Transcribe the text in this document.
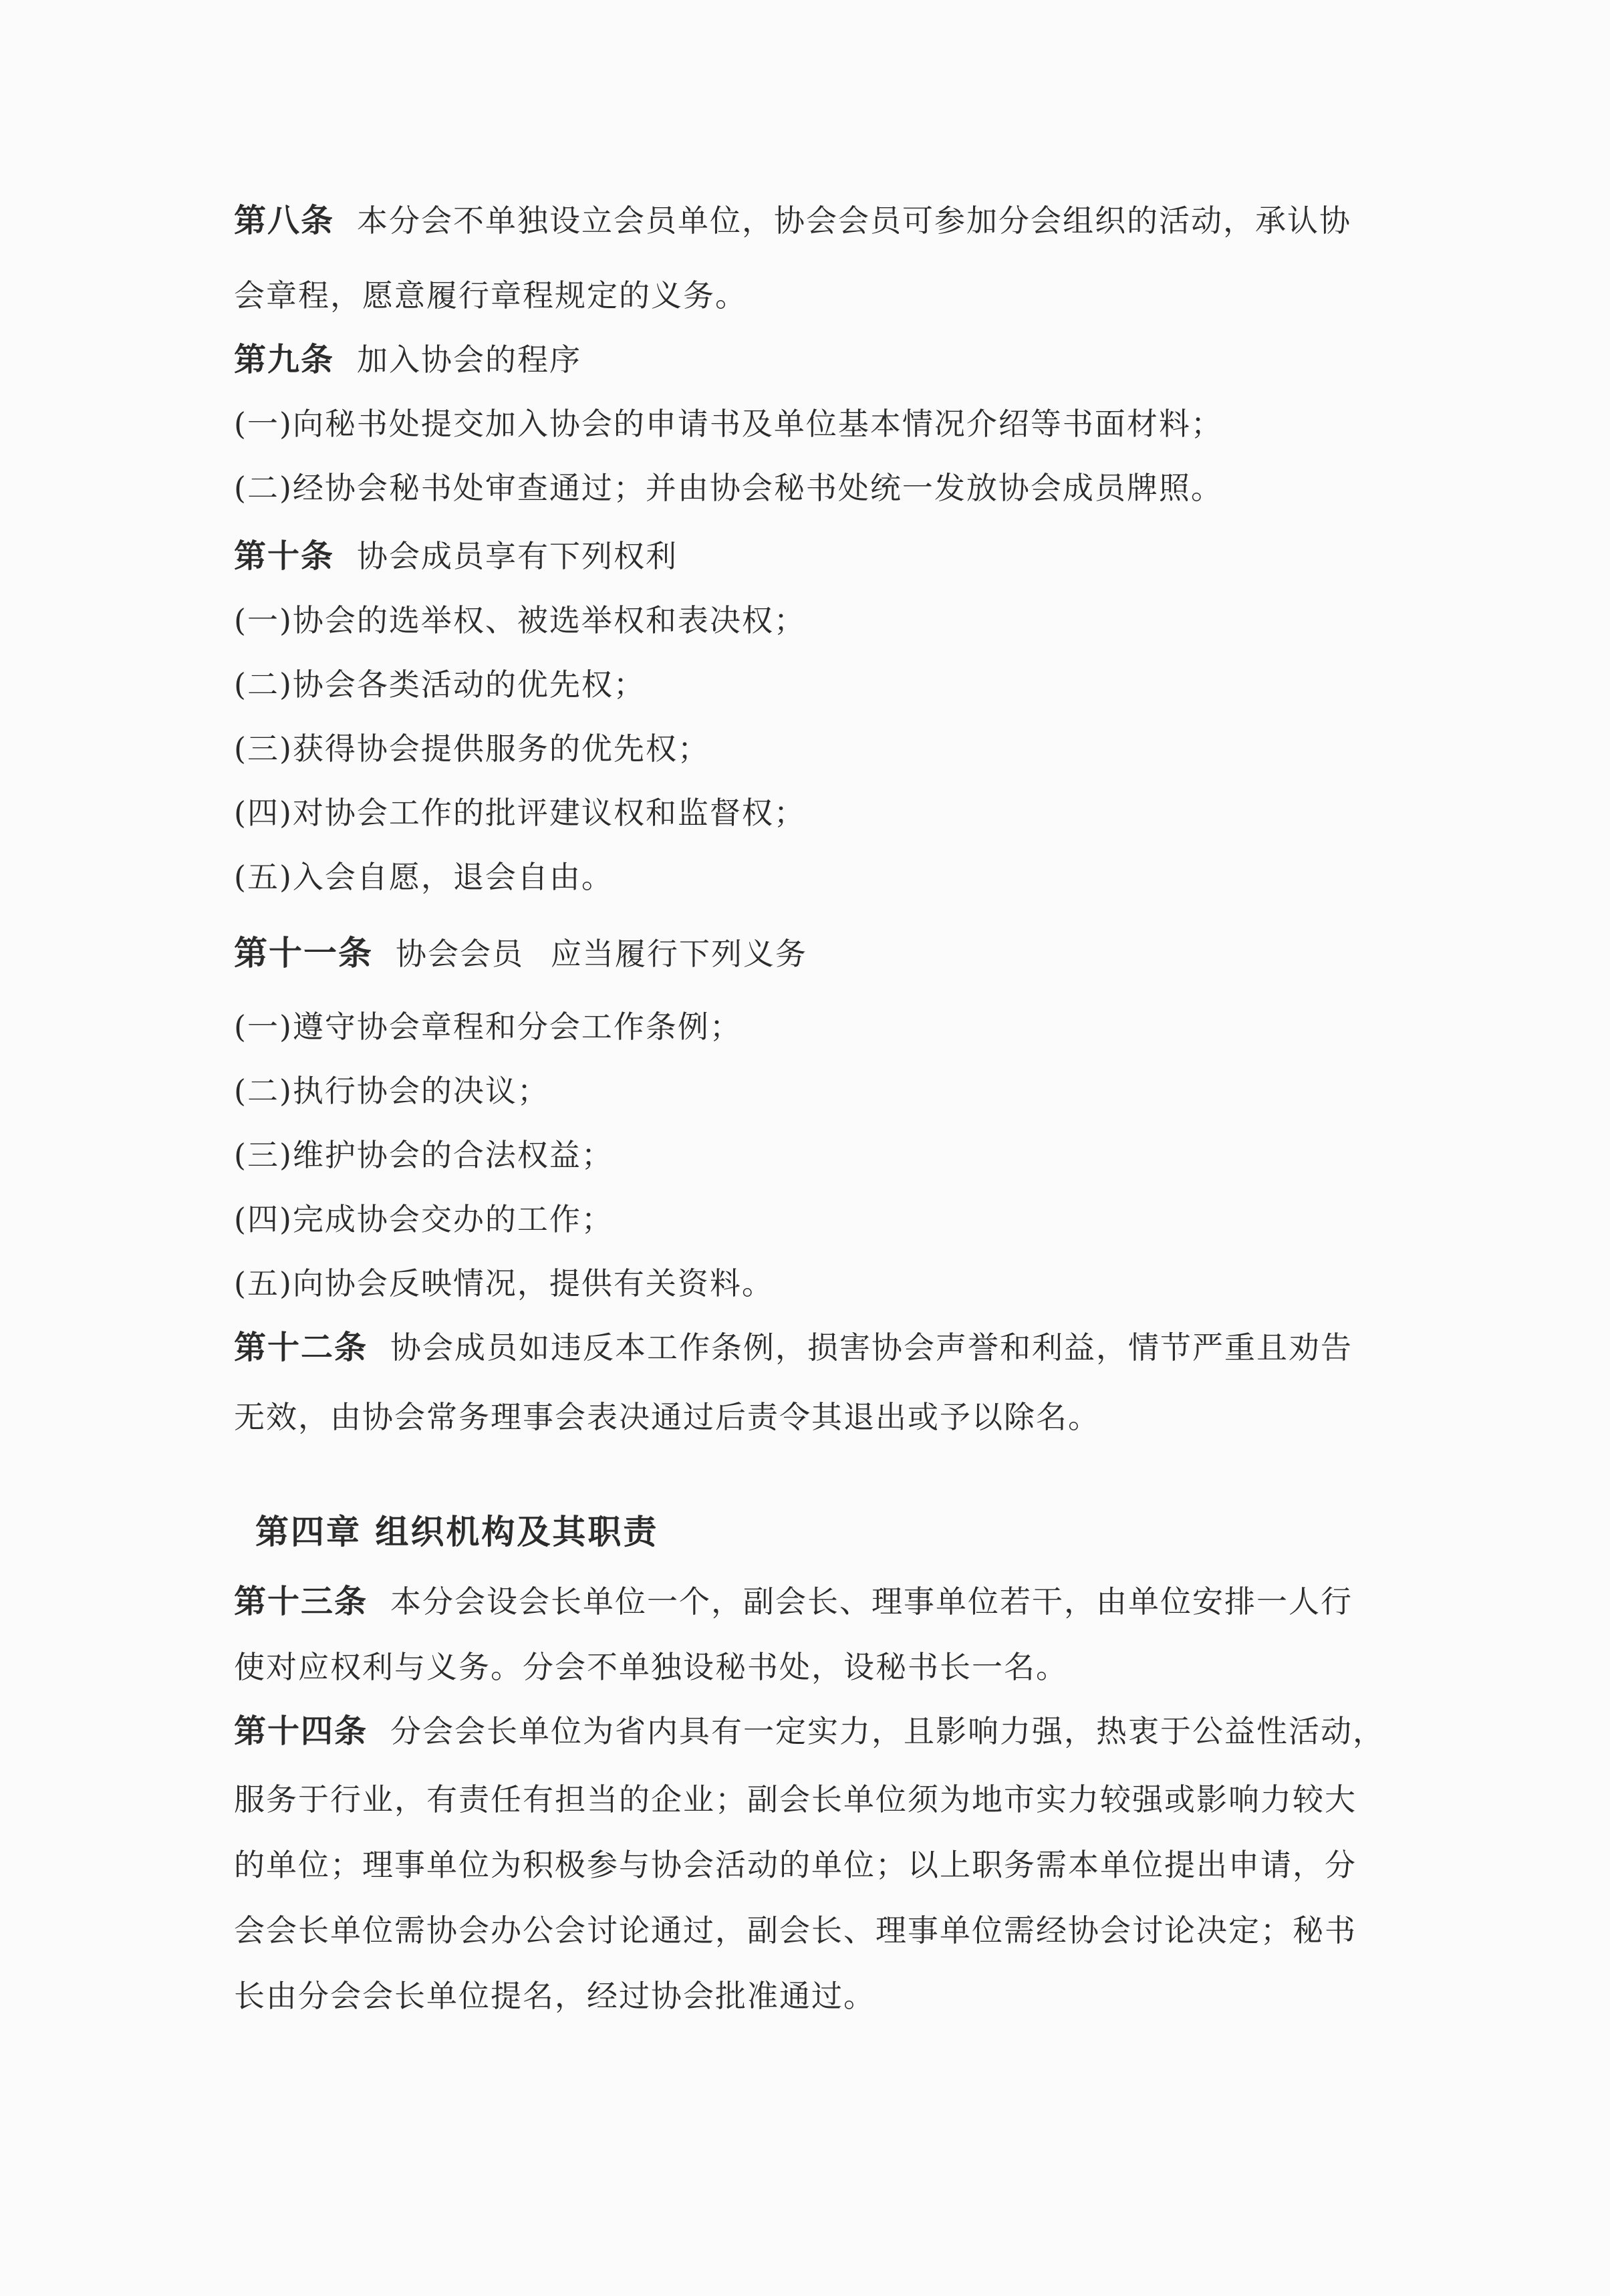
第八条 本分会不单独设立会员单位，协会会员可参加分会组织的活动，承认协
会章程，愿意履行章程规定的义务。
第九条 加入协会的程序
(一)向秘书处提交加入协会的申请书及单位基本情况介绍等书面材料；
(二)经协会秘书处审查通过；并由协会秘书处统一发放协会成员牌照。
第十条 协会成员享有下列权利
(一)协会的选举权、被选举权和表决权；
(二)协会各类活动的优先权；
(三)获得协会提供服务的优先权；
(四)对协会工作的批评建议权和监督权；
(五)入会自愿，退会自由。
第十一条 协会会员 应当履行下列义务
(一)遵守协会章程和分会工作条例；
(二)执行协会的决议；
(三)维护协会的合法权益；
(四)完成协会交办的工作；
(五)向协会反映情况，提供有关资料。
第十二条 协会成员如违反本工作条例，损害协会声誉和利益，情节严重且劝告
无效，由协会常务理事会表决通过后责令其退出或予以除名。
第四章 组织机构及其职责
第十三条 本分会设会长单位一个，副会长、理事单位若干，由单位安排一人行
使对应权利与义务。分会不单独设秘书处，设秘书长一名。
第十四条 分会会长单位为省内具有一定实力，且影响力强，热衷于公益性活动，
服务于行业，有责任有担当的企业；副会长单位须为地市实力较强或影响力较大
的单位；理事单位为积极参与协会活动的单位；以上职务需本单位提出申请，分
会会长单位需协会办公会讨论通过，副会长、理事单位需经协会讨论决定；秘书
长由分会会长单位提名，经过协会批准通过。
